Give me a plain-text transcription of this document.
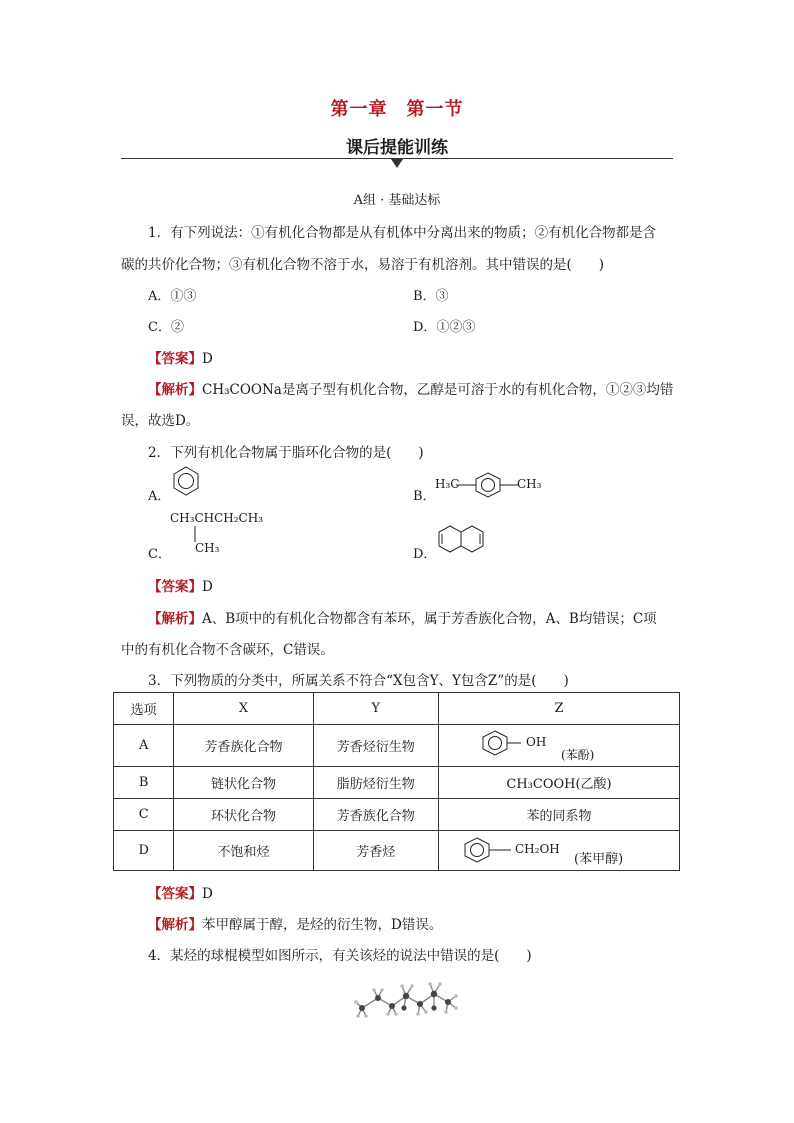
第一章　第一节
课后提能训练
A组 · 基础达标
1．有下列说法：①有机化合物都是从有机体中分离出来的物质；②有机化合物都是含
碳的共价化合物；③有机化合物不溶于水，易溶于有机溶剂。其中错误的是(　　)
A．①③	B．③
C．②	D．①②③
【答案】D
【解析】CH₃COONa是离子型有机化合物，乙醇是可溶于水的有机化合物，①②③均错
误，故选D。
2．下列有机化合物属于脂环化合物的是(　　)
A．	B．
H₃C	CH₃
CH₃CHCH₂CH₃
C． CH₃	D．
【答案】D
【解析】A、B项中的有机化合物都含有苯环，属于芳香族化合物，A、B均错误；C项
中的有机化合物不含碳环，C错误。
3．下列物质的分类中，所属关系不符合“X包含Y、Y包含Z”的是(　　)
选项	X	Y	Z
A	芳香族化合物	芳香烃衍生物	OH
(苯酚)

B	链状化合物	脂肪烃衍生物	CH₃COOH(乙酸)
C	环状化合物	芳香族化合物	苯的同系物
D	不饱和烃	芳香烃	CH₂OH
(苯甲醇)
【答案】D
【解析】苯甲醇属于醇，是烃的衍生物，D错误。
4．某烃的球棍模型如图所示，有关该烃的说法中错误的是(　　)
